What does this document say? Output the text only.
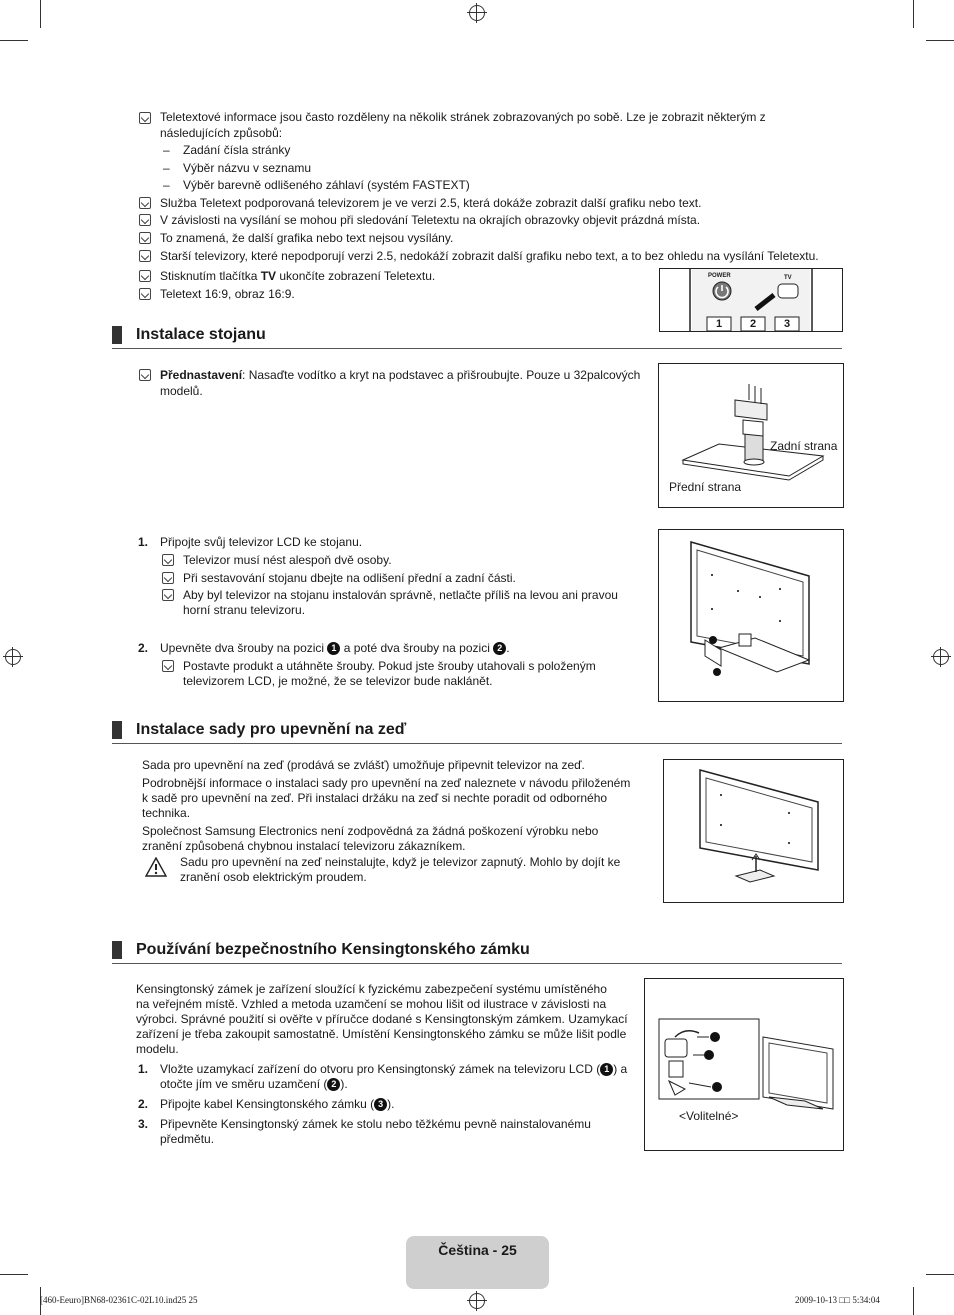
Teletextové informace jsou často rozděleny na několik stránek zobrazovaných po sobě. Lze je zobrazit některým z
následujících způsobů:
– Zadání čísla stránky
– Výběr názvu v seznamu
– Výběr barevně odlišeného záhlaví (systém FASTEXT)
Služba Teletext podporovaná televizorem je ve verzi 2.5, která dokáže zobrazit další grafiku nebo text.
V závislosti na vysílání se mohou při sledování Teletextu na okrajích obrazovky objevit prázdná místa.
To znamená, že další grafika nebo text nejsou vysílány.
Starší televizory, které nepodporují verzi 2.5, nedokáží zobrazit další grafiku nebo text, a to bez ohledu na vysílání Teletextu.
Stisknutím tlačítka TV ukončíte zobrazení Teletextu.
Teletext 16:9, obraz 16:9.
POWER	TV
1	2	3
Instalace stojanu
Přednastavení: Nasaďte vodítko a kryt na podstavec a přišroubujte. Pouze u 32palcových
modelů.
Zadní strana
Přední strana
1. Připojte svůj televizor LCD ke stojanu.
Televizor musí nést alespoň dvě osoby.
Při sestavování stojanu dbejte na odlišení přední a zadní části.
Aby byl televizor na stojanu instalován správně, netlačte příliš na levou ani pravou
horní stranu televizoru.
2. Upevněte dva šrouby na pozici 1 a poté dva šrouby na pozici 2 .
Postavte produkt a utáhněte šrouby. Pokud jste šrouby utahovali s položeným
televizorem LCD, je možné, že se televizor bude naklánět.
Instalace sady pro upevnění na zeď
Sada pro upevnění na zeď (prodává se zvlášť) umožňuje připevnit televizor na zeď.
Podrobnější informace o instalaci sady pro upevnění na zeď naleznete v návodu přiloženém
k sadě pro upevnění na zeď. Při instalaci držáku na zeď si nechte poradit od odborného
technika.
Společnost Samsung Electronics není zodpovědná za žádná poškození výrobku nebo
zranění způsobená chybnou instalací televizoru zákazníkem.
Sadu pro upevnění na zeď neinstalujte, když je televizor zapnutý. Mohlo by dojít ke
zranění osob elektrickým proudem.
Používání bezpečnostního Kensingtonského zámku
Kensingtonský zámek je zařízení sloužící k fyzickému zabezpečení systému umístěného
na veřejném místě. Vzhled a metoda uzamčení se mohou lišit od ilustrace v závislosti na
výrobci. Správné použití si ověřte v příručce dodané s Kensingtonským zámkem. Uzamykací
zařízení je třeba zakoupit samostatně. Umístění Kensingtonského zámku se může lišit podle
modelu.
1. Vložte uzamykací zařízení do otvoru pro Kensingtonský zámek na televizoru LCD ( 1 ) a
otočte jím ve směru uzamčení ( 2 ).
2. Připojte kabel Kensingtonského zámku ( 3 ).
3. Připevněte Kensingtonský zámek ke stolu nebo těžkému pevně nainstalovanému
předmětu.
<Volitelné>
Čeština - 25
[460-Eeuro]BN68-02361C-02L10.ind25 25	2009-10-13 □□ 5:34:04
